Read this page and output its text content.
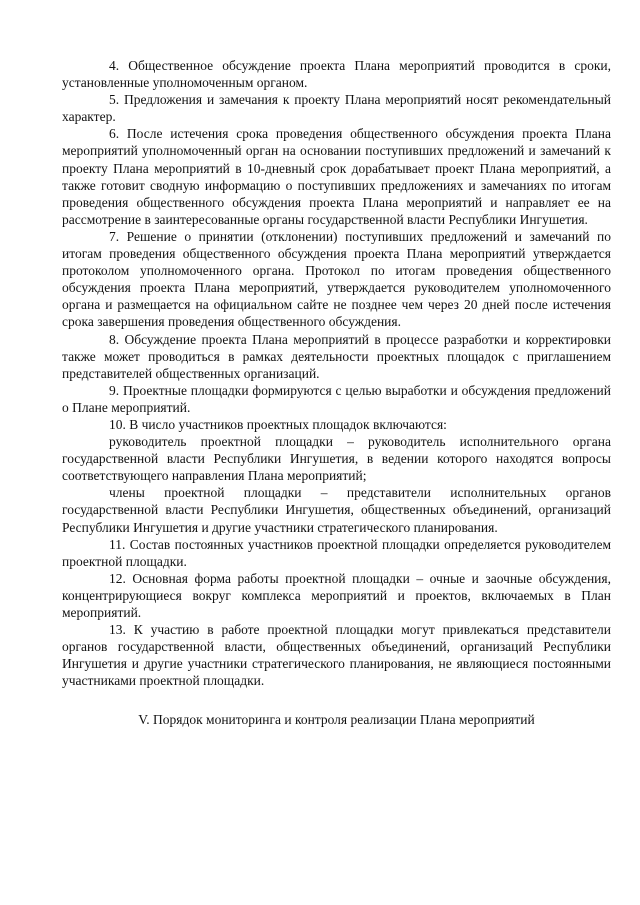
4. Общественное обсуждение проекта Плана мероприятий проводится в сроки, установленные уполномоченным органом.

5. Предложения и замечания к проекту Плана мероприятий носят рекомендательный характер.

6. После истечения срока проведения общественного обсуждения проекта Плана мероприятий уполномоченный орган на основании поступивших предложений и замечаний к проекту Плана мероприятий в 10-дневный срок дорабатывает проект Плана мероприятий, а также готовит сводную информацию о поступивших предложениях и замечаниях по итогам проведения общественного обсуждения проекта Плана мероприятий и направляет ее на рассмотрение в заинтересованные органы государственной власти Республики Ингушетия.

7. Решение о принятии (отклонении) поступивших предложений и замечаний по итогам проведения общественного обсуждения проекта Плана мероприятий утверждается протоколом уполномоченного органа. Протокол по итогам проведения общественного обсуждения проекта Плана мероприятий, утверждается руководителем уполномоченного органа и размещается на официальном сайте не позднее чем через 20 дней после истечения срока завершения проведения общественного обсуждения.

8. Обсуждение проекта Плана мероприятий в процессе разработки и корректировки также может проводиться в рамках деятельности проектных площадок с приглашением представителей общественных организаций.

9. Проектные площадки формируются с целью выработки и обсуждения предложений о Плане мероприятий.

10. В число участников проектных площадок включаются:

руководитель проектной площадки – руководитель исполнительного органа государственной власти Республики Ингушетия, в ведении которого находятся вопросы соответствующего направления Плана мероприятий;

члены проектной площадки – представители исполнительных органов государственной власти Республики Ингушетия, общественных объединений, организаций Республики Ингушетия и другие участники стратегического планирования.

11. Состав постоянных участников проектной площадки определяется руководителем проектной площадки.

12. Основная форма работы проектной площадки – очные и заочные обсуждения, концентрирующиеся вокруг комплекса мероприятий и проектов, включаемых в План мероприятий.

13. К участию в работе проектной площадки могут привлекаться представители органов государственной власти, общественных объединений, организаций Республики Ингушетия и другие участники стратегического планирования, не являющиеся постоянными участниками проектной площадки.

V. Порядок мониторинга и контроля реализации Плана мероприятий
